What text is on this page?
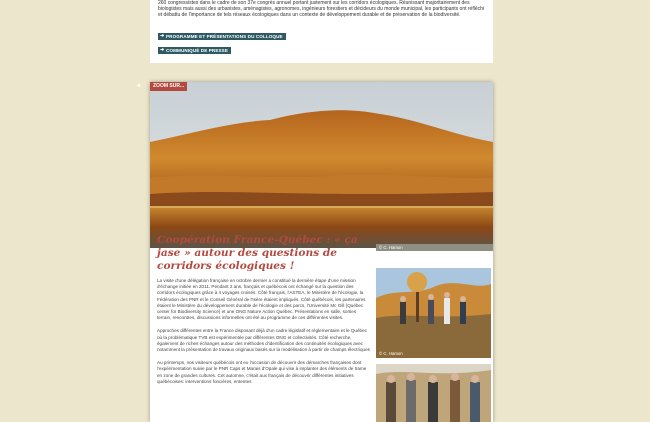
260 congressistes dans le cadre de son 37e congrès annuel portant justement sur les corridors écologiques. Réunissant majoritairement des biologistes mais aussi des urbanistes, aménagistes, agronomes, ingénieurs forestiers et décideurs du monde municipal, les participants ont réfléchi et débattu de l'importance de tels réseaux écologiques dans un contexte de développement durable et de préservation de la biodiversité.

➜ PROGRAMME ET PRÉSENTATIONS DU COLLOQUE
➜ COMMUNIQUÉ DE PRESSE
✦	ZOOM SUR...
© C. Hamon
Coopération France-Québec : « ça jase » autour des questions de corridors écologiques !

La visite d'une délégation française en octobre dernier a constitué la dernière étape d'une mission d'échange initiée en 2011. Pendant 2 ans, français et québécois ont échangé sur la question des corridors écologiques grâce à 4 voyages croisés. Côté français, l'ASTEA, le Ministère de l'écologie, la Fédération des PNR et le Conseil Général de l'Isère étaient impliqués. Côté québécois, les partenaires étaient le Ministère du développement durable de l'écologie et des parcs, l'Université Mc Gill (Québec center for Biodiversity Science) et une ONG Nature Action Québec. Présentations en salle, sorties terrain, rencontres, discussions informelles ont été au programme de ces différentes visites.

Approches différentes entre la France disposant déjà d'un cadre législatif et réglementaire et le Québec où la problématique TVB est expérimentée par différentes ONG et collectivités. Côté recherche, également de riches échanges autour des méthodes d'identification des continuités écologiques avec notamment la présentation de travaux originaux basés sur la modélisation à partir de champs électriques

Au printemps, nos visiteurs québécois ont eu l'occasion de découvrir des démarches françaises dont l'expérimentation suivie par le PNR Caps et Marais d'Opale qui vise à implanter des éléments de trame en zone de grandes cultures. Cet automne, c'était aux français de découvrir différentes initiatives québécoises: interventions foncières, ententes

© C. Hamon
